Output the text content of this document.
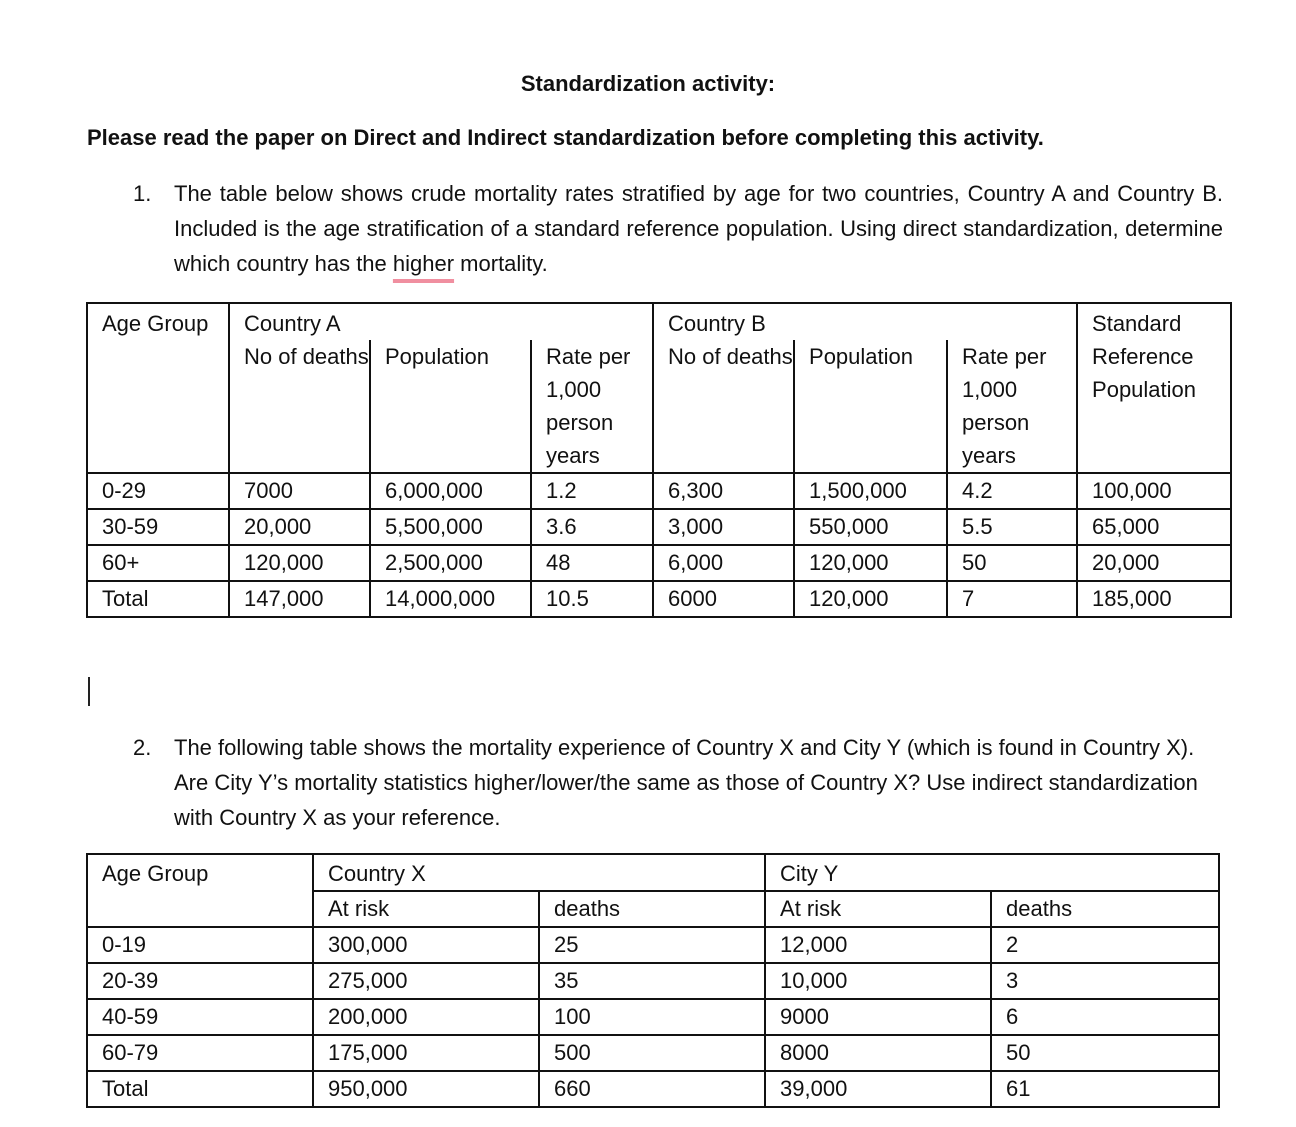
Standardization activity:
Please read the paper on Direct and Indirect standardization before completing this activity.
1. The table below shows crude mortality rates stratified by age for two countries, Country A and Country B. Included is the age stratification of a standard reference population. Using direct standardization, determine which country has the higher mortality.
Age Group	Country A			Country B			Standard Reference Population
	No of deaths	Population	Rate per 1,000 person years	No of deaths	Population	Rate per 1,000 person years	
0-29	7000	6,000,000	1.2	6,300	1,500,000	4.2	100,000
30-59	20,000	5,500,000	3.6	3,000	550,000	5.5	65,000
60+	120,000	2,500,000	48	6,000	120,000	50	20,000
Total	147,000	14,000,000	10.5	6000	120,000	7	185,000
2. The following table shows the mortality experience of Country X and City Y (which is found in Country X). Are City Y’s mortality statistics higher/lower/the same as those of Country X? Use indirect standardization with Country X as your reference.
Age Group	Country X		City Y	
	At risk	deaths	At risk	deaths
0-19	300,000	25	12,000	2
20-39	275,000	35	10,000	3
40-59	200,000	100	9000	6
60-79	175,000	500	8000	50
Total	950,000	660	39,000	61
